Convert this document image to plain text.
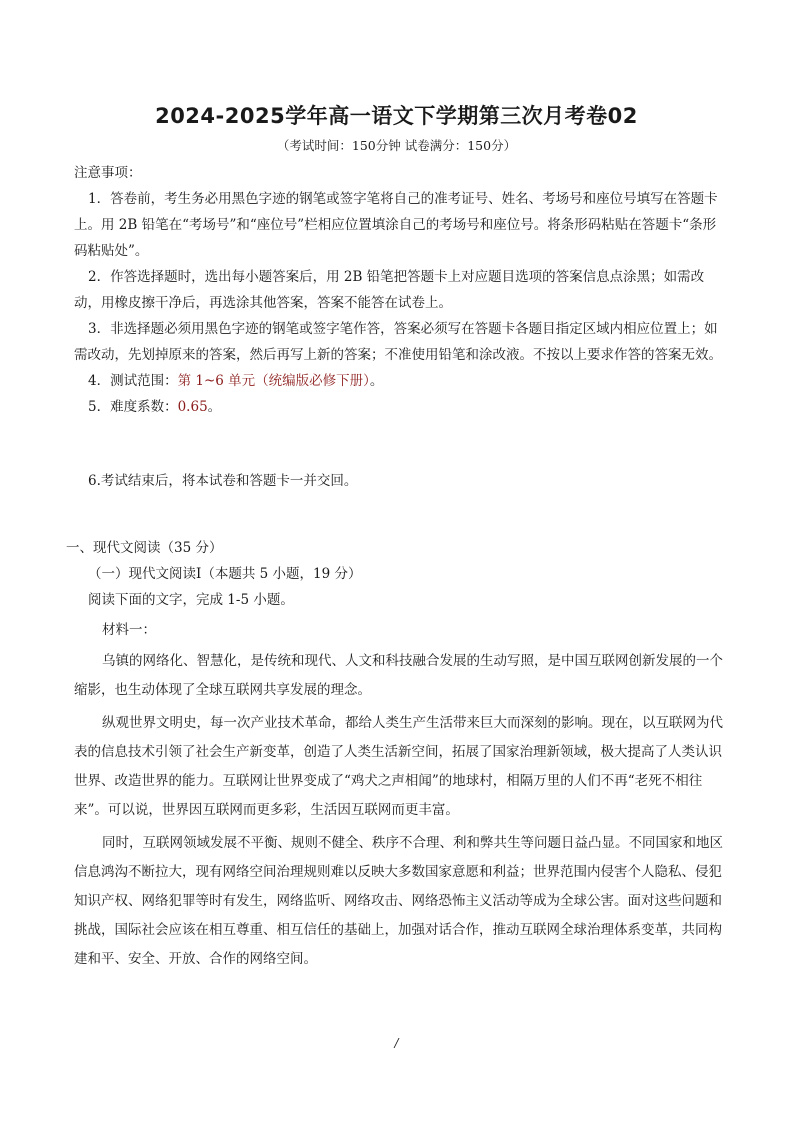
2024-2025学年高一语文下学期第三次月考卷02
（考试时间：150分钟 试卷满分：150分）

注意事项：

1．答卷前，考生务必用黑色字迹的钢笔或签字笔将自己的准考证号、姓名、考场号和座位号填写在答题卡上。用 2B 铅笔在“考场号”和“座位号”栏相应位置填涂自己的考场号和座位号。将条形码粘贴在答题卡“条形码粘贴处”。

2．作答选择题时，选出每小题答案后，用 2B 铅笔把答题卡上对应题目选项的答案信息点涂黑；如需改动，用橡皮擦干净后，再选涂其他答案，答案不能答在试卷上。

3．非选择题必须用黑色字迹的钢笔或签字笔作答，答案必须写在答题卡各题目指定区域内相应位置上；如需改动，先划掉原来的答案，然后再写上新的答案；不准使用铅笔和涂改液。不按以上要求作答的答案无效。

4．测试范围：第 1~6 单元（统编版必修下册）。

5．难度系数：0.65。

6.考试结束后，将本试卷和答题卡一并交回。

一、现代文阅读（35 分）

（一）现代文阅读Ⅰ（本题共 5 小题，19 分）

阅读下面的文字，完成 1-5 小题。

材料一：

乌镇的网络化、智慧化，是传统和现代、人文和科技融合发展的生动写照，是中国互联网创新发展的一个缩影，也生动体现了全球互联网共享发展的理念。

纵观世界文明史，每一次产业技术革命，都给人类生产生活带来巨大而深刻的影响。现在，以互联网为代表的信息技术引领了社会生产新变革，创造了人类生活新空间，拓展了国家治理新领域，极大提高了人类认识世界、改造世界的能力。互联网让世界变成了“鸡犬之声相闻”的地球村，相隔万里的人们不再“老死不相往来”。可以说，世界因互联网而更多彩，生活因互联网而更丰富。

同时，互联网领域发展不平衡、规则不健全、秩序不合理、利和弊共生等问题日益凸显。不同国家和地区信息鸿沟不断拉大，现有网络空间治理规则难以反映大多数国家意愿和利益；世界范围内侵害个人隐私、侵犯知识产权、网络犯罪等时有发生，网络监听、网络攻击、网络恐怖主义活动等成为全球公害。面对这些问题和挑战，国际社会应该在相互尊重、相互信任的基础上，加强对话合作，推动互联网全球治理体系变革，共同构建和平、安全、开放、合作的网络空间。

/
